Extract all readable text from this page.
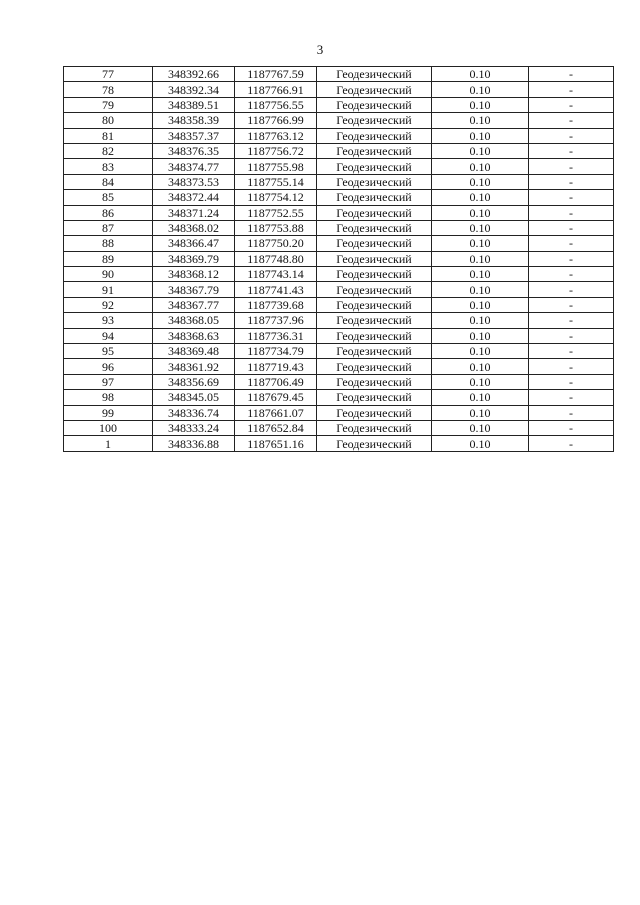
3
77	348392.66	1187767.59	Геодезический	0.10	-
78	348392.34	1187766.91	Геодезический	0.10	-
79	348389.51	1187756.55	Геодезический	0.10	-
80	348358.39	1187766.99	Геодезический	0.10	-
81	348357.37	1187763.12	Геодезический	0.10	-
82	348376.35	1187756.72	Геодезический	0.10	-
83	348374.77	1187755.98	Геодезический	0.10	-
84	348373.53	1187755.14	Геодезический	0.10	-
85	348372.44	1187754.12	Геодезический	0.10	-
86	348371.24	1187752.55	Геодезический	0.10	-
87	348368.02	1187753.88	Геодезический	0.10	-
88	348366.47	1187750.20	Геодезический	0.10	-
89	348369.79	1187748.80	Геодезический	0.10	-
90	348368.12	1187743.14	Геодезический	0.10	-
91	348367.79	1187741.43	Геодезический	0.10	-
92	348367.77	1187739.68	Геодезический	0.10	-
93	348368.05	1187737.96	Геодезический	0.10	-
94	348368.63	1187736.31	Геодезический	0.10	-
95	348369.48	1187734.79	Геодезический	0.10	-
96	348361.92	1187719.43	Геодезический	0.10	-
97	348356.69	1187706.49	Геодезический	0.10	-
98	348345.05	1187679.45	Геодезический	0.10	-
99	348336.74	1187661.07	Геодезический	0.10	-
100	348333.24	1187652.84	Геодезический	0.10	-
1	348336.88	1187651.16	Геодезический	0.10	-
